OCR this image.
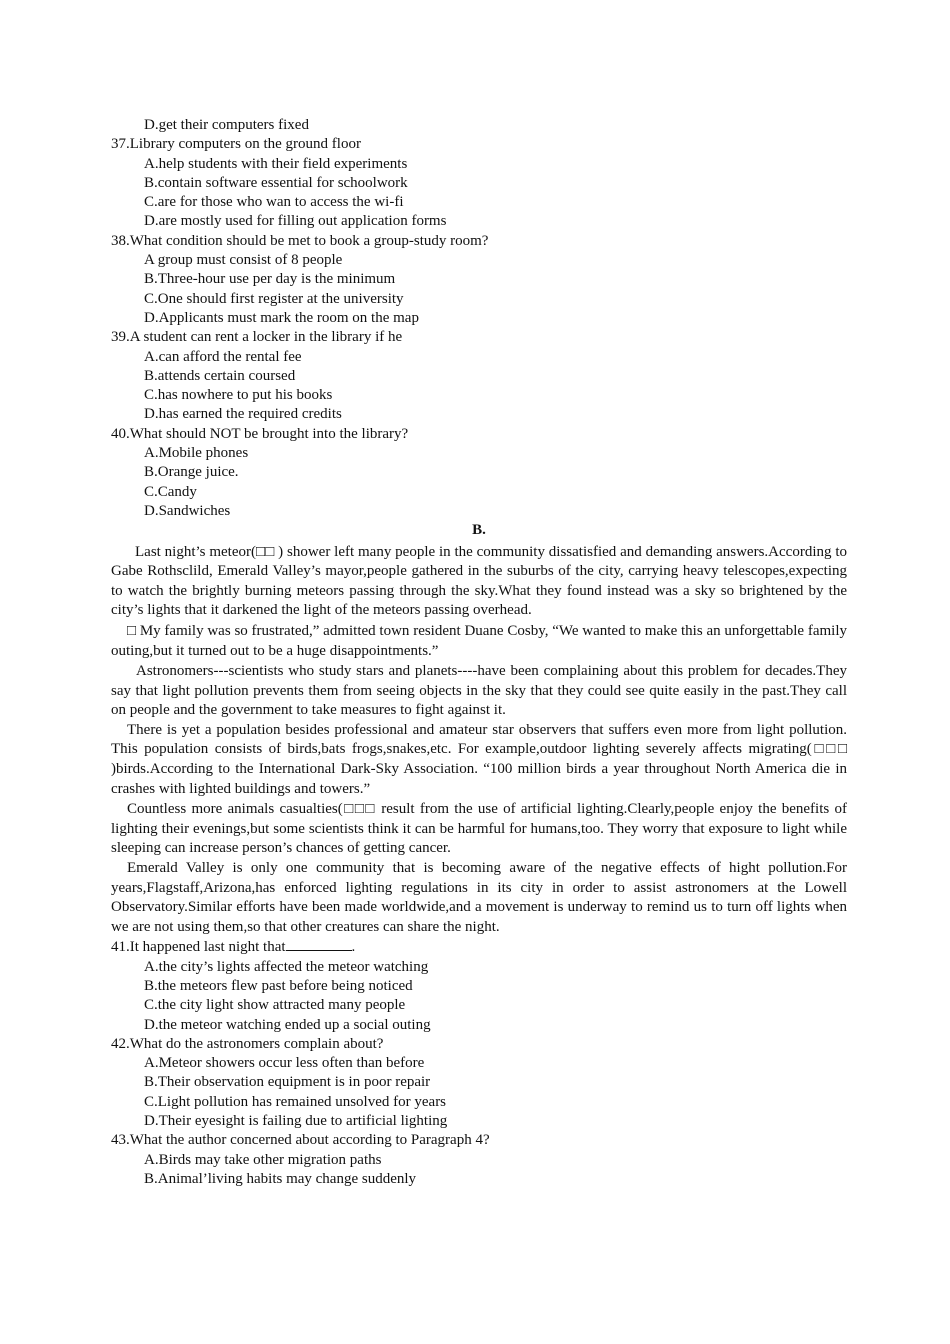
D.get their computers fixed
37.Library computers on the ground floor
A.help students with their field experiments
B.contain software essential for schoolwork
C.are for those who wan to access the wi-fi
D.are mostly used for filling out application forms
38.What condition should be met to book a group-study room?
A group must consist of 8 people
B.Three-hour use per day is the minimum
C.One should first register at the university
D.Applicants must mark the room on the map
39.A student can rent a locker in the library if he
A.can afford the rental fee
B.attends certain coursed
C.has nowhere to put his books
D.has earned the required credits
40.What should NOT be brought into the library?
A.Mobile phones
B.Orange juice.
C.Candy
D.Sandwiches
B.

Last night’s meteor(□□ ) shower left many people in the community dissatisfied and demanding answers.According to Gabe Rothsclild, Emerald Valley’s mayor,people gathered in the suburbs of the city, carrying heavy telescopes,expecting to watch the brightly burning meteors passing through the sky.What they found instead was a sky so brightened by the city’s lights that it darkened the light of the meteors passing overhead.

□ My family was so frustrated,” admitted town resident Duane Cosby, “We wanted to make this an unforgettable family outing,but it turned out to be a huge disappointments.”

Astronomers---scientists who study stars and planets----have been complaining about this problem for decades.They say that light pollution prevents them from seeing objects in the sky that they could see quite easily in the past.They call on people and the government to take measures to fight against it.

There is yet a population besides professional and amateur star observers that suffers even more from light pollution. This population consists of birds,bats frogs,snakes,etc. For example,outdoor lighting severely affects migrating(□□□ )birds.According to the International Dark-Sky Association. “100 million birds a year throughout North America die in crashes with lighted buildings and towers.”

Countless more animals casualties(□□□ result from the use of artificial lighting.Clearly,people enjoy the benefits of lighting their evenings,but some scientists think it can be harmful for humans,too. They worry that exposure to light while sleeping can increase person’s chances of getting cancer.

Emerald Valley is only one community that is becoming aware of the negative effects of hight pollution.For years,Flagstaff,Arizona,has enforced lighting regulations in its city in order to assist astronomers at the Lowell Observatory.Similar efforts have been made worldwide,and a movement is underway to remind us to turn off lights when we are not using them,so that other creatures can share the night.

41.It happened last night that	.
A.the city’s lights affected the meteor watching
B.the meteors flew past before being noticed
C.the city light show attracted many people
D.the meteor watching ended up a social outing
42.What do the astronomers complain about?
A.Meteor showers occur less often than before
B.Their observation equipment is in poor repair
C.Light pollution has remained unsolved for years
D.Their eyesight is failing due to artificial lighting
43.What the author concerned about according to Paragraph 4?
A.Birds may take other migration paths
B.Animal’living habits may change suddenly
